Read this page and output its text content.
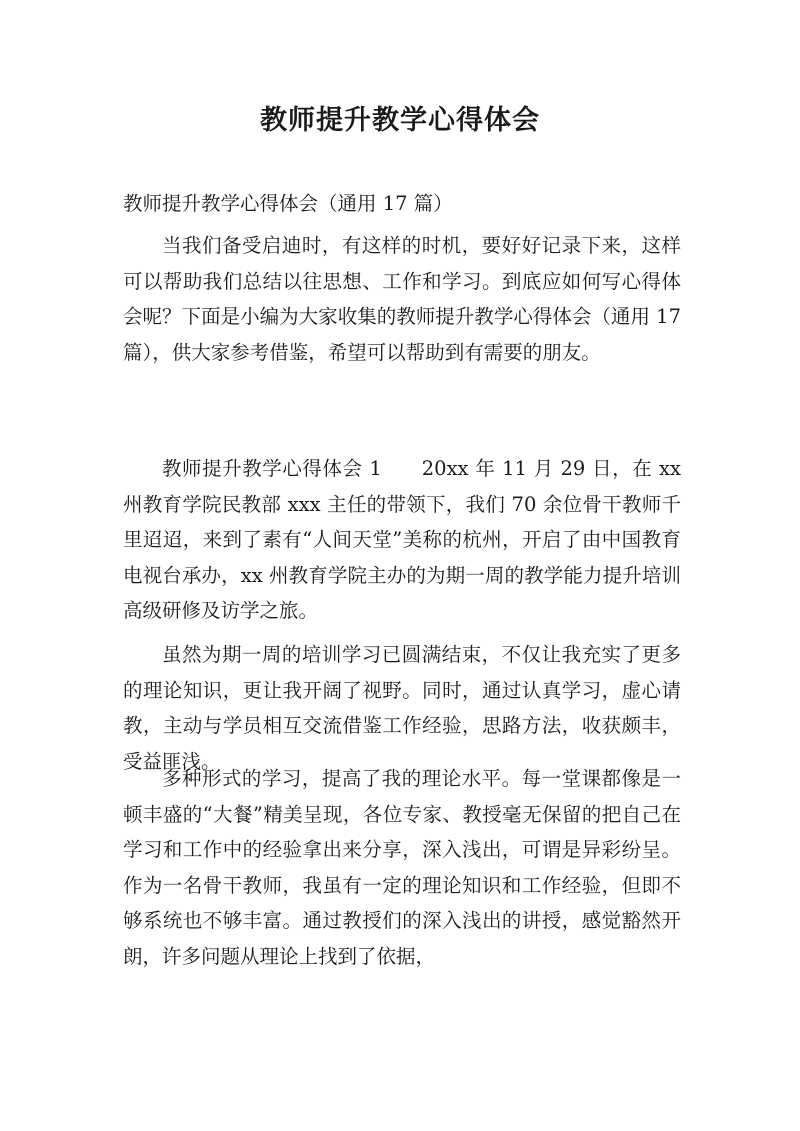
教师提升教学心得体会

教师提升教学心得体会（通用 17 篇）

当我们备受启迪时，有这样的时机，要好好记录下来，这样可以帮助我们总结以往思想、工作和学习。到底应如何写心得体会呢？下面是小编为大家收集的教师提升教学心得体会（通用 17 篇），供大家参考借鉴，希望可以帮助到有需要的朋友。

教师提升教学心得体会 1 20xx 年 11 月 29 日，在 xx 州教育学院民教部 xxx 主任的带领下，我们 70 余位骨干教师千里迢迢，来到了素有“人间天堂”美称的杭州，开启了由中国教育电视台承办，xx 州教育学院主办的为期一周的教学能力提升培训高级研修及访学之旅。

虽然为期一周的培训学习已圆满结束，不仅让我充实了更多的理论知识，更让我开阔了视野。同时，通过认真学习，虚心请教，主动与学员相互交流借鉴工作经验，思路方法，收获颇丰，受益匪浅。

多种形式的学习，提高了我的理论水平。每一堂课都像是一顿丰盛的“大餐”精美呈现，各位专家、教授毫无保留的把自己在学习和工作中的经验拿出来分享，深入浅出，可谓是异彩纷呈。作为一名骨干教师，我虽有一定的理论知识和工作经验，但即不够系统也不够丰富。通过教授们的深入浅出的讲授，感觉豁然开朗，许多问题从理论上找到了依据，
